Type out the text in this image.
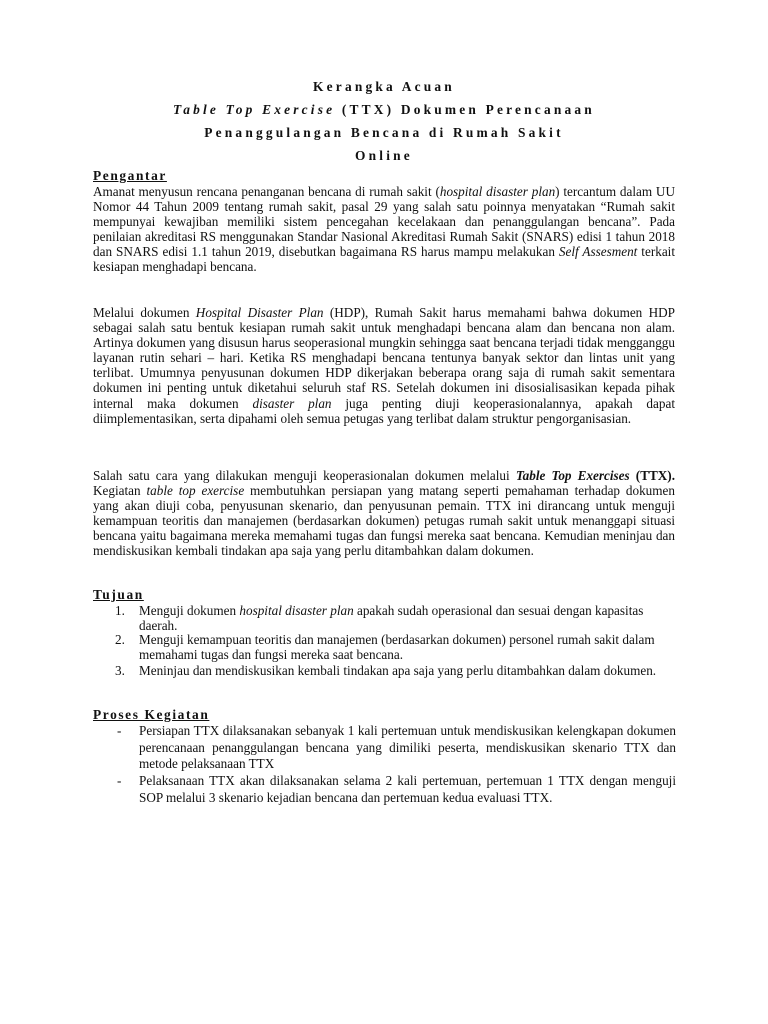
Kerangka Acuan
Table Top Exercise (TTX) Dokumen Perencanaan
Penanggulangan Bencana di Rumah Sakit
Online
Pengantar

Amanat menyusun rencana penanganan bencana di rumah sakit (hospital disaster plan) tercantum dalam UU Nomor 44 Tahun 2009 tentang rumah sakit, pasal 29 yang salah satu poinnya menyatakan “Rumah sakit mempunyai kewajiban memiliki sistem pencegahan kecelakaan dan penanggulangan bencana”. Pada penilaian akreditasi RS menggunakan Standar Nasional Akreditasi Rumah Sakit (SNARS) edisi 1 tahun 2018 dan SNARS edisi 1.1 tahun 2019, disebutkan bagaimana RS harus mampu melakukan Self Assesment terkait kesiapan menghadapi bencana.

Melalui dokumen Hospital Disaster Plan (HDP), Rumah Sakit harus memahami bahwa dokumen HDP sebagai salah satu bentuk kesiapan rumah sakit untuk menghadapi bencana alam dan bencana non alam. Artinya dokumen yang disusun harus seoperasional mungkin sehingga saat bencana terjadi tidak mengganggu layanan rutin sehari – hari. Ketika RS menghadapi bencana tentunya banyak sektor dan lintas unit yang terlibat. Umumnya penyusunan dokumen HDP dikerjakan beberapa orang saja di rumah sakit sementara dokumen ini penting untuk diketahui seluruh staf RS. Setelah dokumen ini disosialisasikan kepada pihak internal maka dokumen disaster plan juga penting diuji keoperasionalannya, apakah dapat diimplementasikan, serta dipahami oleh semua petugas yang terlibat dalam struktur pengorganisasian.

Salah satu cara yang dilakukan menguji keoperasionalan dokumen melalui Table Top Exercises (TTX). Kegiatan table top exercise membutuhkan persiapan yang matang seperti pemahaman terhadap dokumen yang akan diuji coba, penyusunan skenario, dan penyusunan pemain. TTX ini dirancang untuk menguji kemampuan teoritis dan manajemen (berdasarkan dokumen) petugas rumah sakit untuk menanggapi situasi bencana yaitu bagaimana mereka memahami tugas dan fungsi mereka saat bencana. Kemudian meninjau dan mendiskusikan kembali tindakan apa saja yang perlu ditambahkan dalam dokumen.

Tujuan
1.	Menguji dokumen hospital disaster plan apakah sudah operasional dan sesuai dengan kapasitas daerah.
2.	Menguji kemampuan teoritis dan manajemen (berdasarkan dokumen) personel rumah sakit dalam memahami tugas dan fungsi mereka saat bencana.
3.	Meninjau dan mendiskusikan kembali tindakan apa saja yang perlu ditambahkan dalam dokumen.
Proses Kegiatan
-	Persiapan TTX dilaksanakan sebanyak 1 kali pertemuan untuk mendiskusikan kelengkapan dokumen perencanaan penanggulangan bencana yang dimiliki peserta, mendiskusikan skenario TTX dan metode pelaksanaan TTX
-	Pelaksanaan TTX akan dilaksanakan selama 2 kali pertemuan, pertemuan 1 TTX dengan menguji SOP melalui 3 skenario kejadian bencana dan pertemuan kedua evaluasi TTX.
